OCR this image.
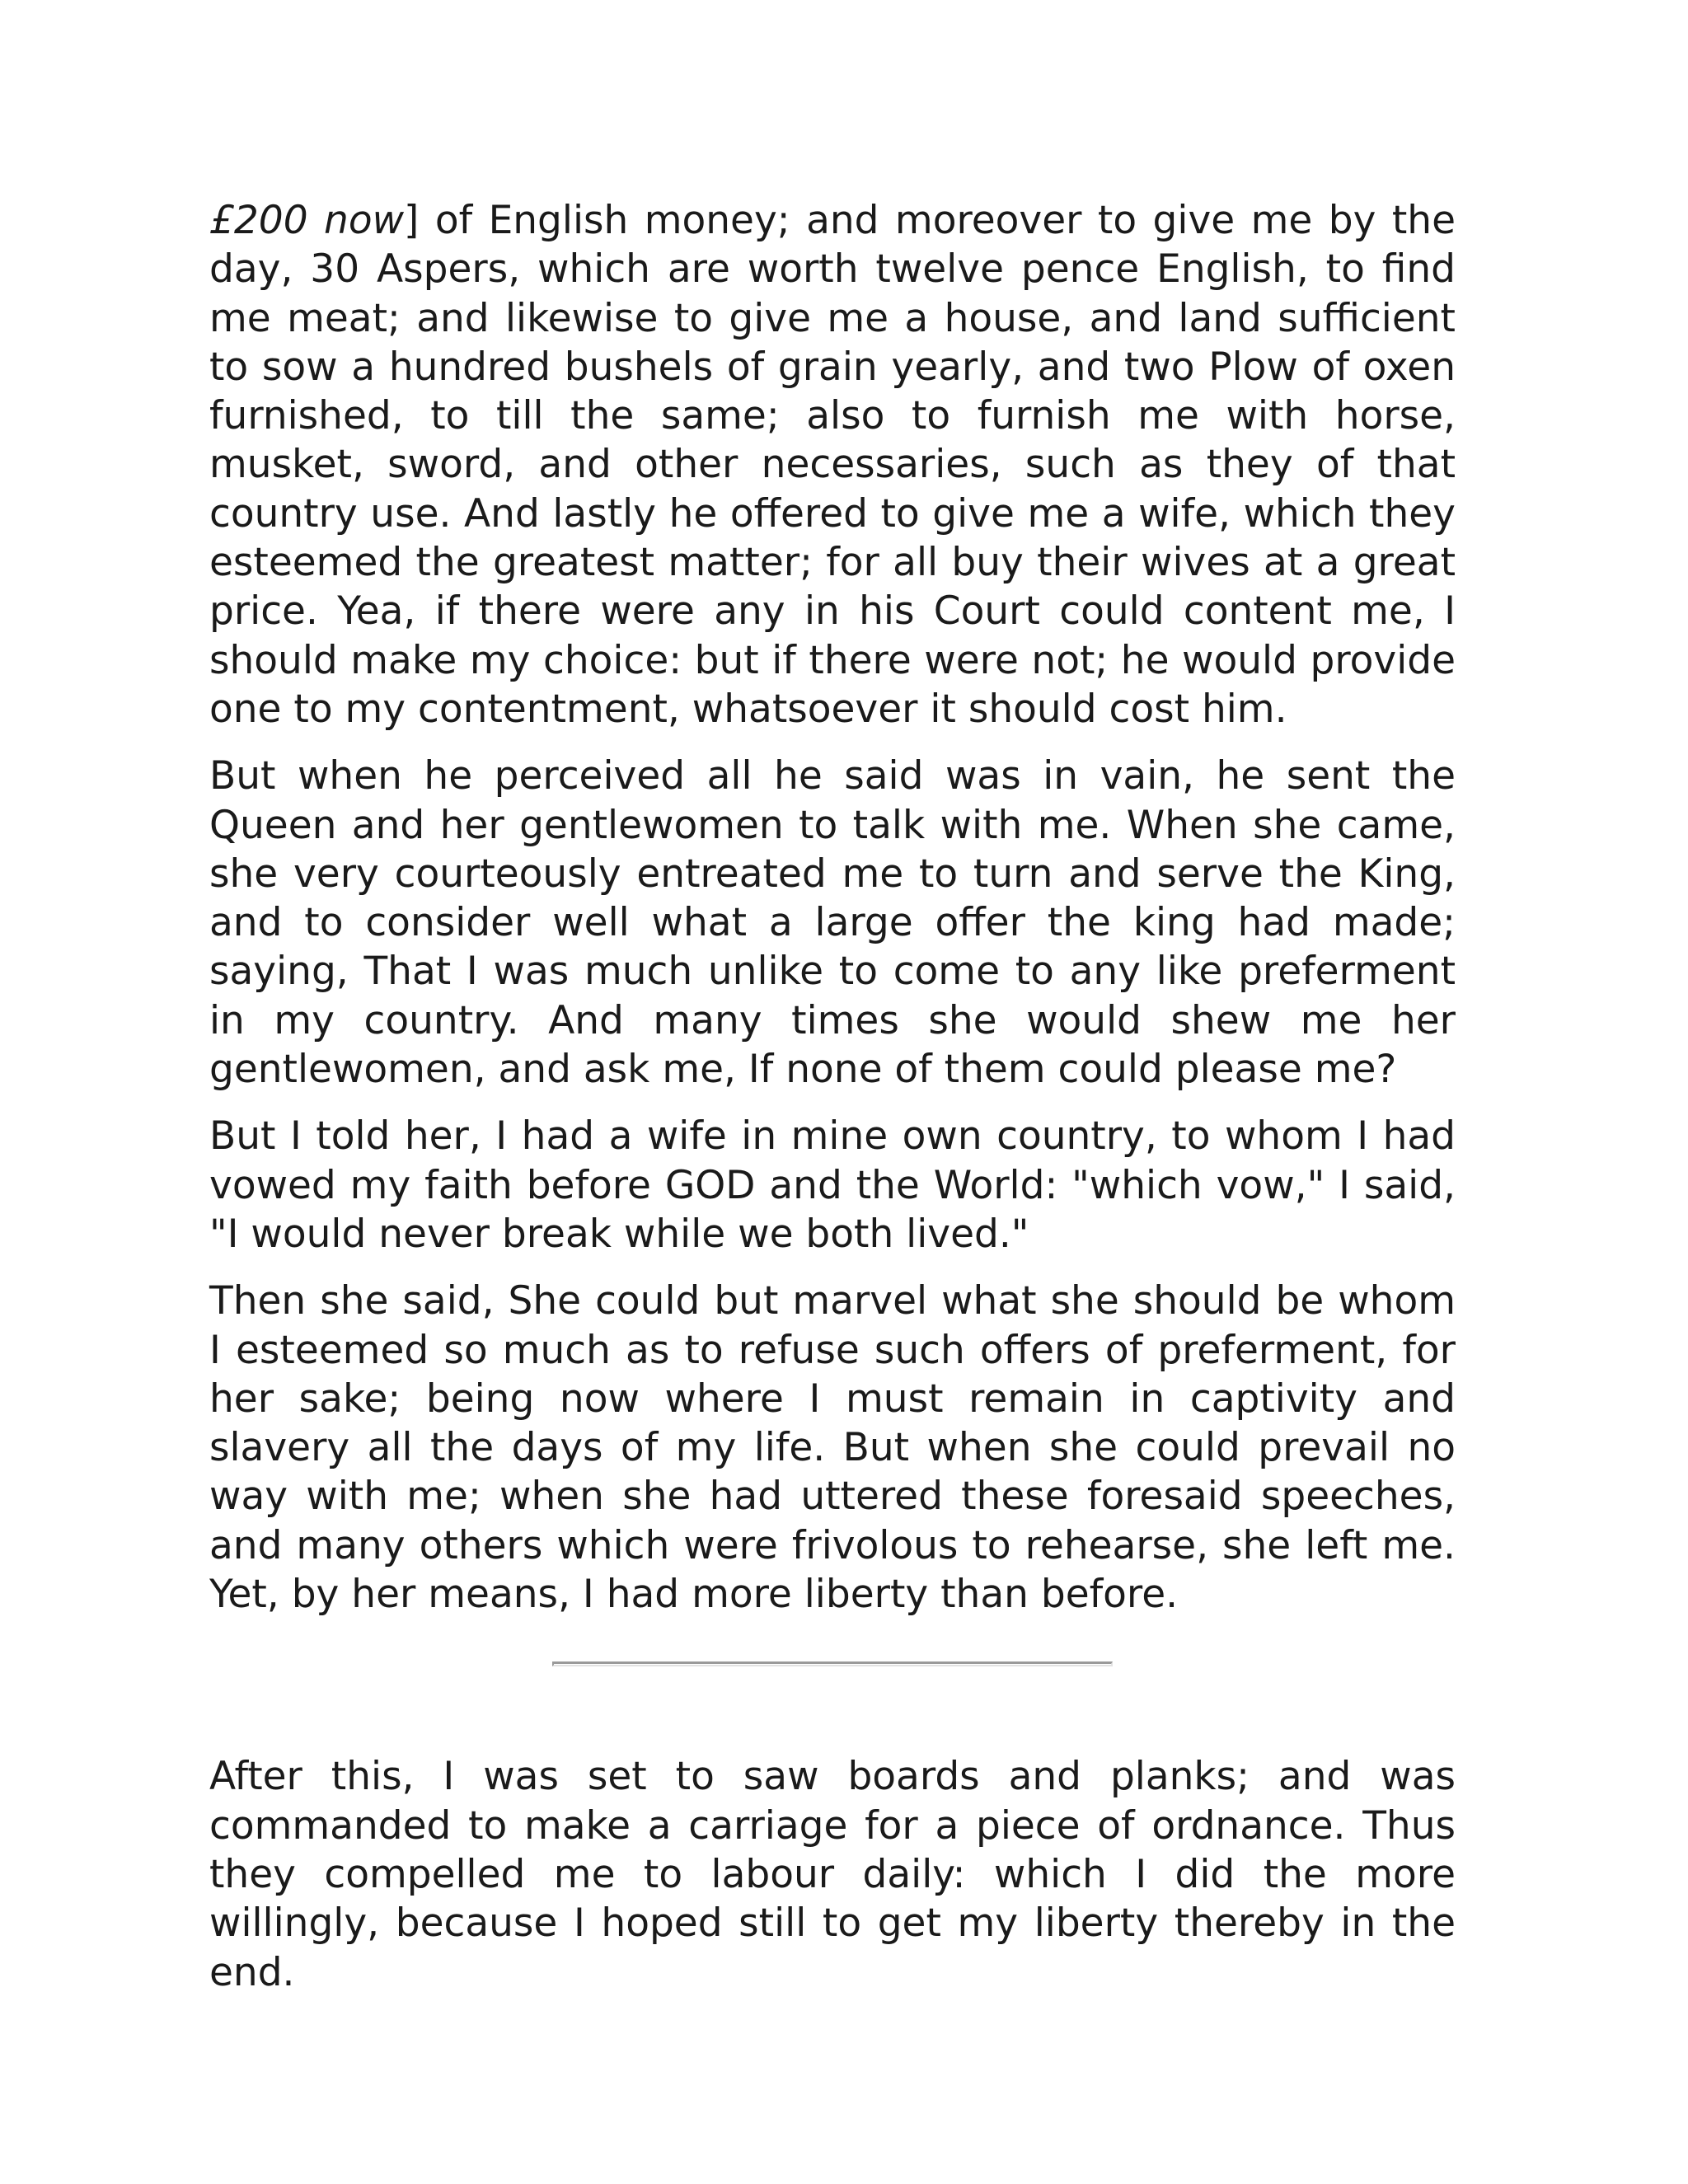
£200 now] of English money; and moreover to give me by the day, 30 Aspers, which are worth twelve pence English, to find me meat; and likewise to give me a house, and land sufficient to sow a hundred bushels of grain yearly, and two Plow of oxen furnished, to till the same; also to furnish me with horse, musket, sword, and other necessaries, such as they of that country use. And lastly he offered to give me a wife, which they esteemed the greatest matter; for all buy their wives at a great price. Yea, if there were any in his Court could content me, I should make my choice: but if there were not; he would provide one to my contentment, whatsoever it should cost him.

But when he perceived all he said was in vain, he sent the Queen and her gentlewomen to talk with me. When she came, she very courteously entreated me to turn and serve the King, and to consider well what a large offer the king had made; saying, That I was much unlike to come to any like preferment in my country. And many times she would shew me her gentlewomen, and ask me, If none of them could please me?

But I told her, I had a wife in mine own country, to whom I had vowed my faith before GOD and the World: "which vow," I said, "I would never break while we both lived."

Then she said, She could but marvel what she should be whom I esteemed so much as to refuse such offers of preferment, for her sake; being now where I must remain in captivity and slavery all the days of my life. But when she could prevail no way with me; when she had uttered these foresaid speeches, and many others which were frivolous to rehearse, she left me. Yet, by her means, I had more liberty than before.

After this, I was set to saw boards and planks; and was commanded to make a carriage for a piece of ordnance. Thus they compelled me to labour daily: which I did the more willingly, because I hoped still to get my liberty thereby in the end.
